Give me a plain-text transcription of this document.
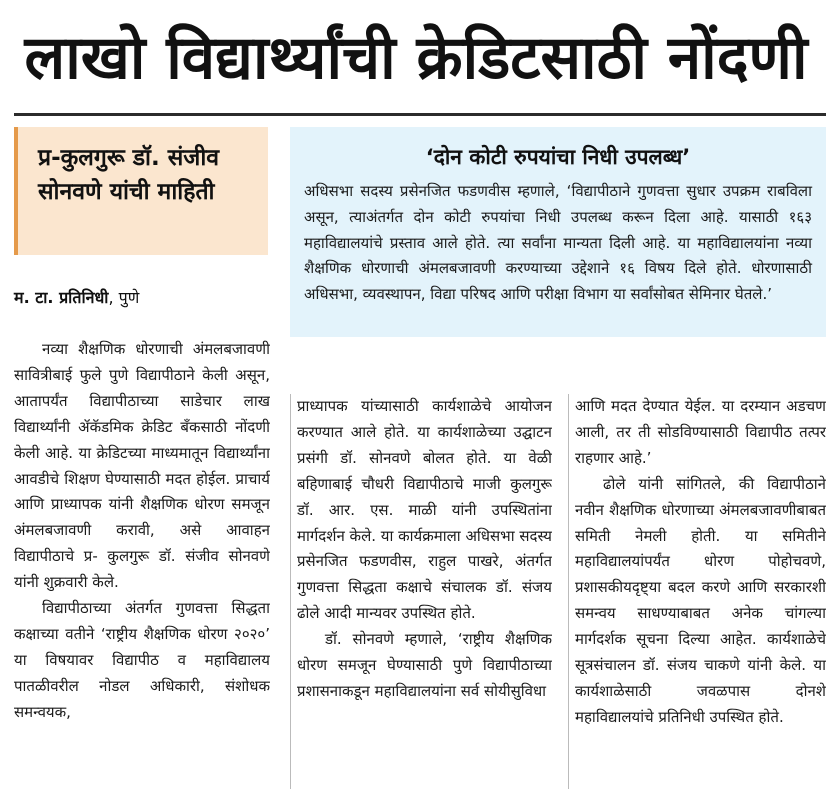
लाखो विद्यार्थ्यांची क्रेडिटसाठी नोंदणी
प्र-कुलगुरू डॉ. संजीव सोनवणे यांची माहिती
म. टा. प्रतिनिधी, पुणे
‘दोन कोटी रुपयांचा निधी उपलब्ध’
अधिसभा सदस्य प्रसेनजित फडणवीस म्हणाले, ‘विद्यापीठाने गुणवत्ता सुधार उपक्रम राबविला असून, त्याअंतर्गत दोन कोटी रुपयांचा निधी उपलब्ध करून दिला आहे. यासाठी १६३ महाविद्यालयांचे प्रस्ताव आले होते. त्या सर्वांना मान्यता दिली आहे. या महाविद्यालयांना नव्या शैक्षणिक धोरणाची अंमलबजावणी करण्याच्या उद्देशाने १६ विषय दिले होते. धोरणासाठी अधिसभा, व्यवस्थापन, विद्या परिषद आणि परीक्षा विभाग या सर्वांसोबत सेमिनार घेतले.’

नव्या शैक्षणिक धोरणाची अंमलबजावणी सावित्रीबाई फुले पुणे विद्यापीठाने केली असून, आतापर्यंत विद्यापीठाच्या साडेचार लाख विद्यार्थ्यांनी ॲकॅडमिक क्रेडिट बँकसाठी नोंदणी केली आहे. या क्रेडिटच्या माध्यमातून विद्यार्थ्यांना आवडीचे शिक्षण घेण्यासाठी मदत होईल. प्राचार्य आणि प्राध्यापक यांनी शैक्षणिक धोरण समजून अंमलबजावणी करावी, असे आवाहन विद्यापीठाचे प्र- कुलगुरू डॉ. संजीव सोनवणे यांनी शुक्रवारी केले.

विद्यापीठाच्या अंतर्गत गुणवत्ता सिद्धता कक्षाच्या वतीने ‘राष्ट्रीय शैक्षणिक धोरण २०२०’ या विषयावर विद्यापीठ व महाविद्यालय पातळीवरील नोडल अधिकारी, संशोधक समन्वयक,

प्राध्यापक यांच्यासाठी कार्यशाळेचे आयोजन करण्यात आले होते. या कार्यशाळेच्या उद्घाटन प्रसंगी डॉ. सोनवणे बोलत होते. या वेळी बहिणाबाई चौधरी विद्यापीठाचे माजी कुलगुरू डॉ. आर. एस. माळी यांनी उपस्थितांना मार्गदर्शन केले. या कार्यक्रमाला अधिसभा सदस्य प्रसेनजित फडणवीस, राहुल पाखरे, अंतर्गत गुणवत्ता सिद्धता कक्षाचे संचालक डॉ. संजय ढोले आदी मान्यवर उपस्थित होते.

डॉ. सोनवणे म्हणाले, ‘राष्ट्रीय शैक्षणिक धोरण समजून घेण्यासाठी पुणे विद्यापीठाच्या प्रशासनाकडून महाविद्यालयांना सर्व सोयीसुविधा

आणि मदत देण्यात येईल. या दरम्यान अडचण आली, तर ती सोडविण्यासाठी विद्यापीठ तत्पर राहणार आहे.’

ढोले यांनी सांगितले, की विद्यापीठाने नवीन शैक्षणिक धोरणाच्या अंमलबजावणीबाबत समिती नेमली होती. या समितीने महाविद्यालयांपर्यंत धोरण पोहोचवणे, प्रशासकीयदृष्ट्या बदल करणे आणि सरकारशी समन्वय साधण्याबाबत अनेक चांगल्या मार्गदर्शक सूचना दिल्या आहेत. कार्यशाळेचे सूत्रसंचालन डॉ. संजय चाकणे यांनी केले. या कार्यशाळेसाठी जवळपास दोनशे महाविद्यालयांचे प्रतिनिधी उपस्थित होते.
